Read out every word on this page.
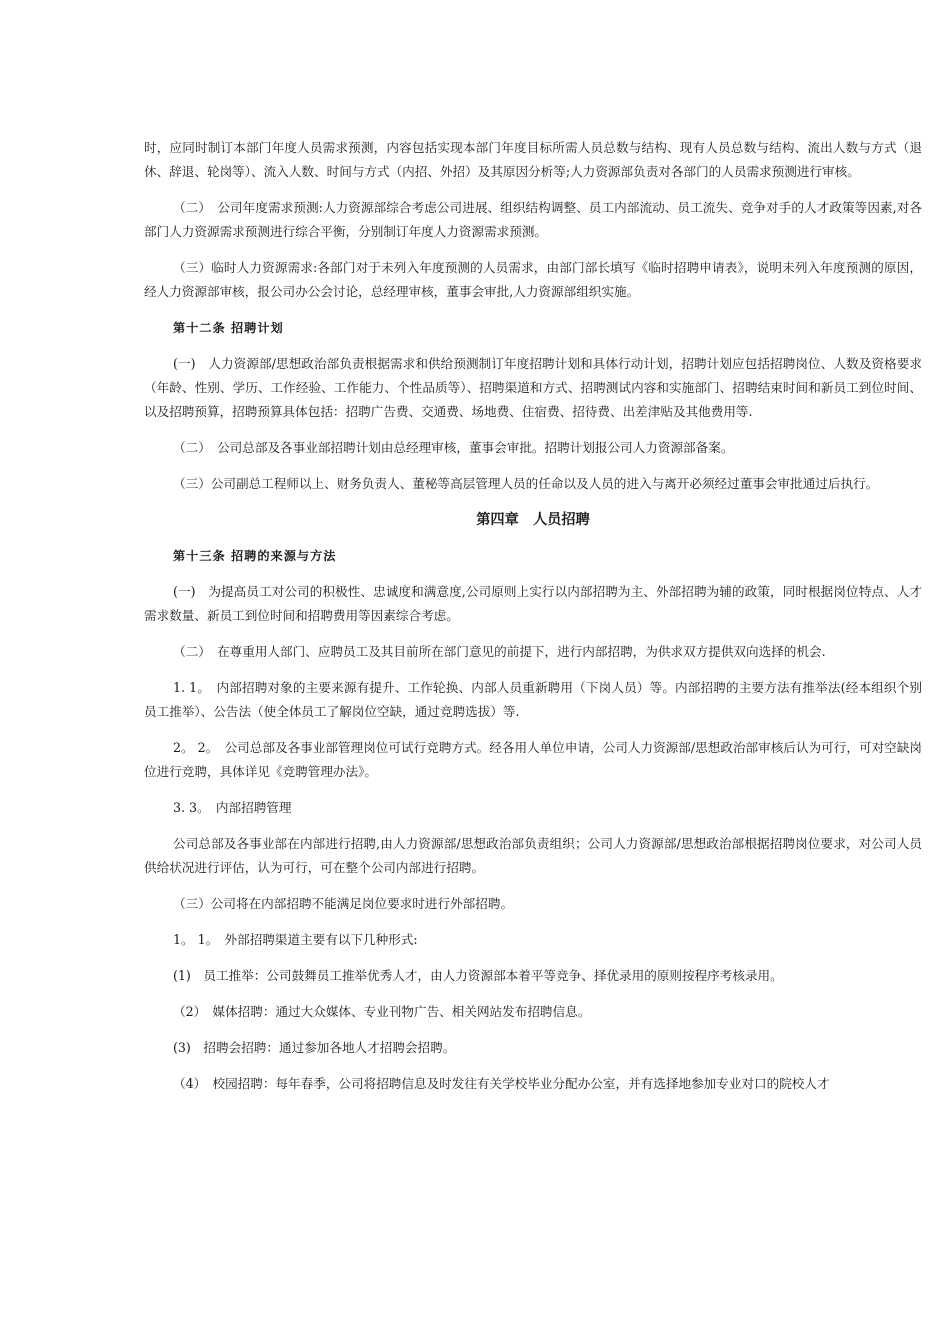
时，应同时制订本部门年度人员需求预测，内容包括实现本部门年度目标所需人员总数与结构、现有人员总数与结构、流出人数与方式（退休、辞退、轮岗等）、流入人数、时间与方式（内招、外招）及其原因分析等;人力资源部负责对各部门的人员需求预测进行审核。

（二）　公司年度需求预测:人力资源部综合考虑公司进展、组织结构调整、员工内部流动、员工流失、竞争对手的人才政策等因素,对各部门人力资源需求预测进行综合平衡，分别制订年度人力资源需求预测。

（三）临时人力资源需求:各部门对于未列入年度预测的人员需求，由部门部长填写《临时招聘申请表》，说明未列入年度预测的原因，经人力资源部审核，报公司办公会讨论，总经理审核，董事会审批,人力资源部组织实施。

第十二条 招聘计划

(一)　人力资源部/思想政治部负责根据需求和供给预测制订年度招聘计划和具体行动计划，招聘计划应包括招聘岗位、人数及资格要求（年龄、性别、学历、工作经验、工作能力、个性品质等）、招聘渠道和方式、招聘测试内容和实施部门、招聘结束时间和新员工到位时间、以及招聘预算，招聘预算具体包括：招聘广告费、交通费、场地费、住宿费、招待费、出差津贴及其他费用等.

（二）　公司总部及各事业部招聘计划由总经理审核，董事会审批。招聘计划报公司人力资源部备案。

（三）公司副总工程师以上、财务负责人、董秘等高层管理人员的任命以及人员的进入与离开必须经过董事会审批通过后执行。

第四章　人员招聘
第十三条 招聘的来源与方法

(一)　为提高员工对公司的积极性、忠诚度和满意度,公司原则上实行以内部招聘为主、外部招聘为辅的政策，同时根据岗位特点、人才需求数量、新员工到位时间和招聘费用等因素综合考虑。

（二）　在尊重用人部门、应聘员工及其目前所在部门意见的前提下，进行内部招聘，为供求双方提供双向选择的机会.

1. 1。　内部招聘对象的主要来源有提升、工作轮换、内部人员重新聘用（下岗人员）等。内部招聘的主要方法有推举法(经本组织个别员工推举）、公告法（使全体员工了解岗位空缺，通过竞聘选拔）等.

2。 2。　公司总部及各事业部管理岗位可试行竞聘方式。经各用人单位申请，公司人力资源部/思想政治部审核后认为可行，可对空缺岗位进行竞聘，具体详见《竞聘管理办法》。

3. 3。　内部招聘管理

公司总部及各事业部在内部进行招聘,由人力资源部/思想政治部负责组织；公司人力资源部/思想政治部根据招聘岗位要求，对公司人员供给状况进行评估，认为可行，可在整个公司内部进行招聘。

（三）公司将在内部招聘不能满足岗位要求时进行外部招聘。

1。 1。　外部招聘渠道主要有以下几种形式:

(1)　员工推举：公司鼓舞员工推举优秀人才，由人力资源部本着平等竞争、择优录用的原则按程序考核录用。

（2）　媒体招聘：通过大众媒体、专业刊物广告、相关网站发布招聘信息。

(3)　招聘会招聘：通过参加各地人才招聘会招聘。

（4）　校园招聘：每年春季，公司将招聘信息及时发往有关学校毕业分配办公室，并有选择地参加专业对口的院校人才
